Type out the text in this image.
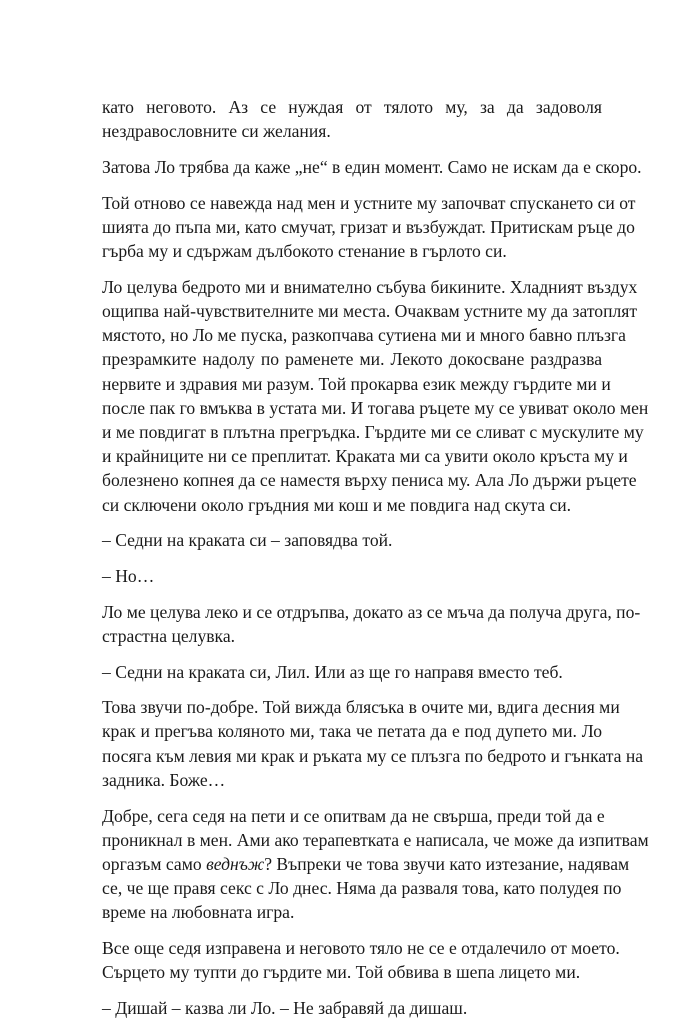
като неговото. Аз се нуждая от тялото му, за да задоволя
нездравословните си желания.

Затова Ло трябва да каже „не“ в един момент. Само не искам да е скоро.

Той отново се навежда над мен и устните му започват спускането си от
шията до пъпа ми, като смучат, гризат и възбуждат. Притискам ръце до
гърба му и сдържам дълбокото стенание в гърлото си.

Ло целува бедрото ми и внимателно събува бикините. Хладният въздух
ощипва най-чувствителните ми места. Очаквам устните му да затоплят
мястото, но Ло ме пуска, разкопчава сутиена ми и много бавно плъзга
презрамките надолу по раменете ми. Лекото докосване раздразва
нервите и здравия ми разум. Той прокарва език между гърдите ми и
после пак го вмъква в устата ми. И тогава ръцете му се увиват около мен
и ме повдигат в плътна прегръдка. Гърдите ми се сливат с мускулите му
и крайниците ни се преплитат. Краката ми са увити около кръста му и
болезнено копнея да се наместя върху пениса му. Ала Ло държи ръцете
си сключени около гръдния ми кош и ме повдига над скута си.

– Седни на краката си – заповядва той.

– Но…

Ло ме целува леко и се отдръпва, докато аз се мъча да получа друга, по-
страстна целувка.

– Седни на краката си, Лил. Или аз ще го направя вместо теб.

Това звучи по-добре. Той вижда блясъка в очите ми, вдига десния ми
крак и прегъва коляното ми, така че петата да е под дупето ми. Ло
посяга към левия ми крак и ръката му се плъзга по бедрото и гънката на
задника. Боже…

Добре, сега седя на пети и се опитвам да не свърша, преди той да е
проникнал в мен. Ами ако терапевтката е написала, че може да изпитвам
оргазъм само веднъж? Въпреки че това звучи като изтезание, надявам
се, че ще правя секс с Ло днес. Няма да разваля това, като полудея по
време на любовната игра.

Все още седя изправена и неговото тяло не се е отдалечило от моето.
Сърцето му тупти до гърдите ми. Той обвива в шепа лицето ми.

– Дишай – казва ли Ло. – Не забравяй да дишаш.
